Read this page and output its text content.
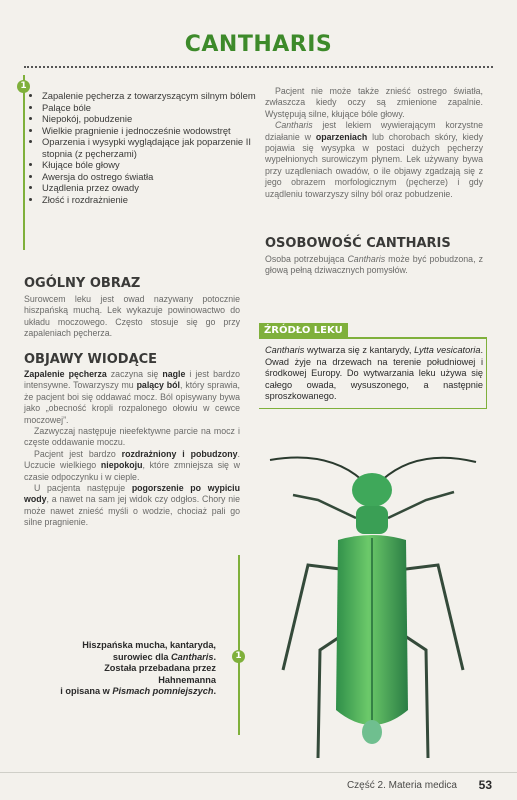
CANTHARIS
1
• Zapalenie pęcherza z towarzyszącym silnym bólem
• Palące bóle
• Niepokój, pobudzenie
• Wielkie pragnienie i jednocześnie wodowstręt
• Oparzenia i wysypki wyglądające jak poparzenie II stopnia (z pęcherzami)
• Kłujące bóle głowy
• Awersja do ostrego światła
• Uządlenia przez owady
• Złość i rozdrażnienie
OGÓLNY OBRAZ

Surowcem leku jest owad nazywany potocznie hiszpańską muchą. Lek wykazuje powinowactwo do układu moczowego. Często stosuje się go przy zapaleniach pęcherza.

OBJAWY WIODĄCE

Zapalenie pęcherza zaczyna się nagle i jest bardzo intensywne. Towarzyszy mu palący ból, który sprawia, że pacjent boi się oddawać mocz. Ból opisywany bywa jako „obecność kropli rozpalonego ołowiu w cewce moczowej”.

Zazwyczaj następuje nieefektywne parcie na mocz i częste oddawanie moczu.

Pacjent jest bardzo rozdrażniony i pobudzony. Uczucie wielkiego niepokoju, które zmniejsza się w czasie odpoczynku i w cieple.

U pacjenta następuje pogorszenie po wypiciu wody, a nawet na sam jej widok czy odgłos. Chory nie może nawet znieść myśli o wodzie, chociaż pali go silne pragnienie.

Pacjent nie może także znieść ostrego światła, zwłaszcza kiedy oczy są zmienione zapalnie. Występują silne, kłujące bóle głowy.

Cantharis jest lekiem wywierającym korzystne działanie w oparzeniach lub chorobach skóry, kiedy pojawia się wysypka w postaci dużych pęcherzy wypełnionych surowiczym płynem. Lek używany bywa przy uządleniach owadów, o ile objawy zgadzają się z jego obrazem morfologicznym (pęcherze) i gdy uządleniu towarzyszy silny ból oraz pobudzenie.

OSOBOWOŚĆ CANTHARIS

Osoba potrzebująca Cantharis może być pobudzona, z głową pełną dziwacznych pomysłów.

ŹRÓDŁO LEKU

Cantharis wytwarza się z kantarydy, Lytta vesicatoria. Owad żyje na drzewach na terenie południowej i środkowej Europy. Do wytwarzania leku używa się całego owada, wysuszonego, a następnie sproszkowanego.

1

Hiszpańska mucha, kantaryda,
surowiec dla Cantharis.
Została przebadana przez Hahnemanna
i opisana w Pismach pomniejszych.

Część 2. Materia medica 53
